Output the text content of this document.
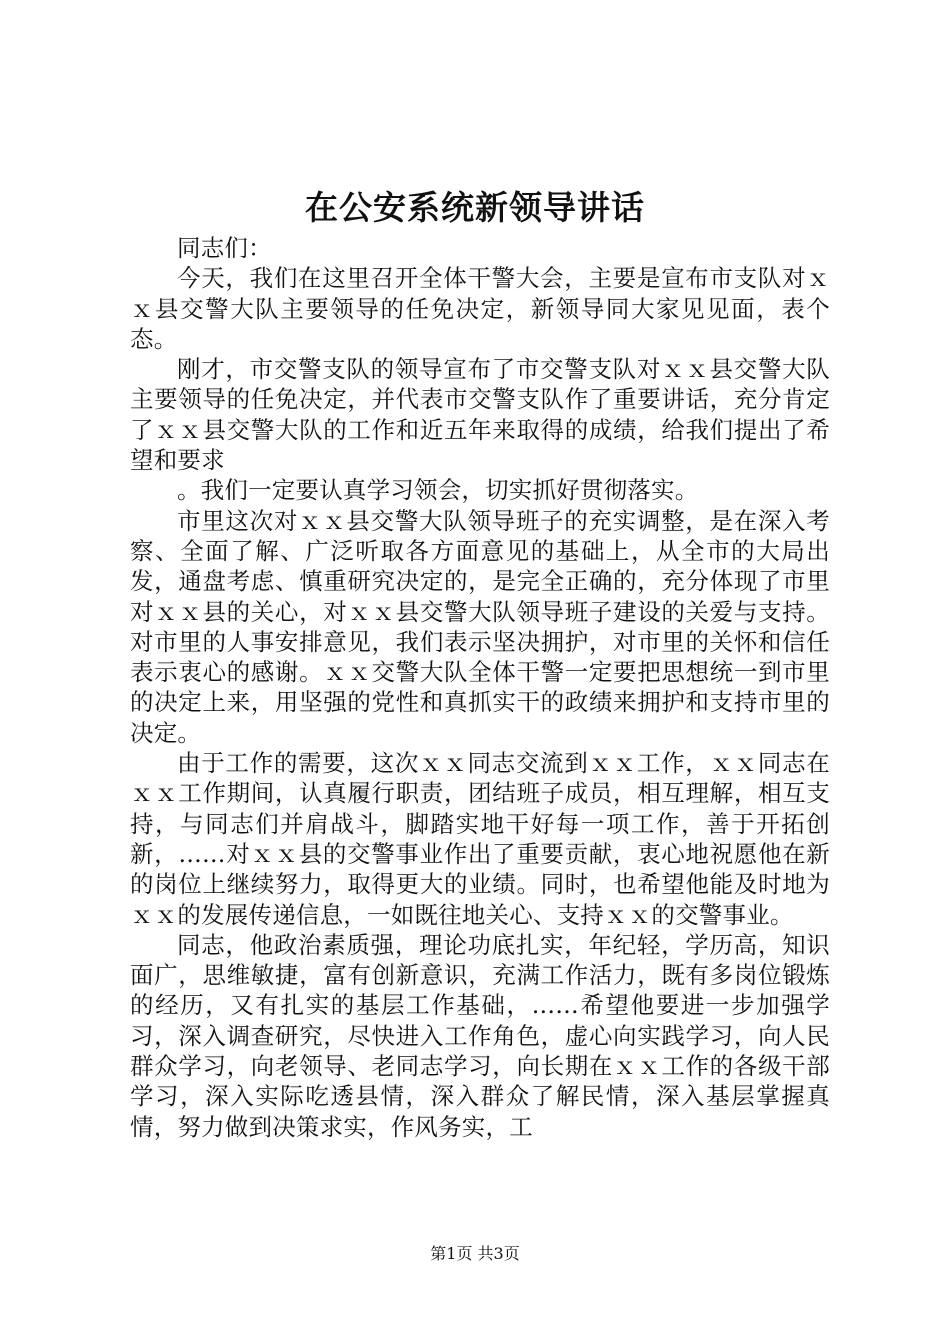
在公安系统新领导讲话

同志们：

今天，我们在这里召开全体干警大会，主要是宣布市支队对ｘｘ县交警大队主要领导的任免决定，新领导同大家见见面，表个态。

刚才，市交警支队的领导宣布了市交警支队对ｘｘ县交警大队主要领导的任免决定，并代表市交警支队作了重要讲话，充分肯定了ｘｘ县交警大队的工作和近五年来取得的成绩，给我们提出了希望和要求

。我们一定要认真学习领会，切实抓好贯彻落实。

市里这次对ｘｘ县交警大队领导班子的充实调整，是在深入考察、全面了解、广泛听取各方面意见的基础上，从全市的大局出发，通盘考虑、慎重研究决定的，是完全正确的，充分体现了市里对ｘｘ县的关心，对ｘｘ县交警大队领导班子建设的关爱与支持。对市里的人事安排意见，我们表示坚决拥护，对市里的关怀和信任表示衷心的感谢。ｘｘ交警大队全体干警一定要把思想统一到市里的决定上来，用坚强的党性和真抓实干的政绩来拥护和支持市里的决定。

由于工作的需要，这次ｘｘ同志交流到ｘｘ工作，ｘｘ同志在ｘｘ工作期间，认真履行职责，团结班子成员，相互理解，相互支持，与同志们并肩战斗，脚踏实地干好每一项工作，善于开拓创新，……对ｘｘ县的交警事业作出了重要贡献，衷心地祝愿他在新的岗位上继续努力，取得更大的业绩。同时，也希望他能及时地为ｘｘ的发展传递信息，一如既往地关心、支持ｘｘ的交警事业。

同志，他政治素质强，理论功底扎实，年纪轻，学历高，知识面广，思维敏捷，富有创新意识，充满工作活力，既有多岗位锻炼的经历，又有扎实的基层工作基础，……希望他要进一步加强学习，深入调查研究，尽快进入工作角色，虚心向实践学习，向人民群众学习，向老领导、老同志学习，向长期在ｘｘ工作的各级干部学习，深入实际吃透县情，深入群众了解民情，深入基层掌握真情，努力做到决策求实，作风务实，工

第1页 共3页
